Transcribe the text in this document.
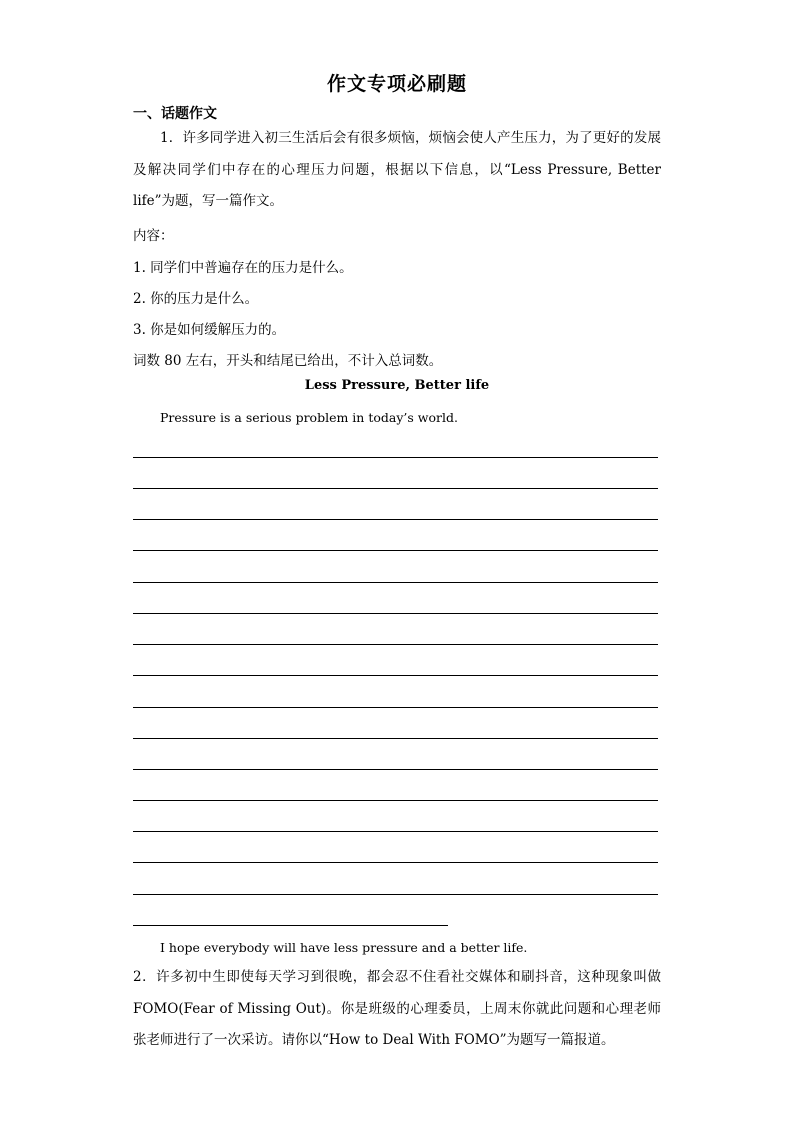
作文专项必刷题
一、话题作文
1．许多同学进入初三生活后会有很多烦恼，烦恼会使人产生压力，为了更好的发展及解决同学们中存在的心理压力问题，根据以下信息，以“Less Pressure, Better life”为题，写一篇作文。
内容：
1. 同学们中普遍存在的压力是什么。
2. 你的压力是什么。
3. 你是如何缓解压力的。
词数 80 左右，开头和结尾已给出，不计入总词数。
Less Pressure, Better life
Pressure is a serious problem in today’s world.
I hope everybody will have less pressure and a better life.
2．许多初中生即使每天学习到很晚，都会忍不住看社交媒体和刷抖音，这种现象叫做FOMO(Fear of Missing Out)。你是班级的心理委员，上周末你就此问题和心理老师张老师进行了一次采访。请你以“How to Deal With FOMO”为题写一篇报道。
